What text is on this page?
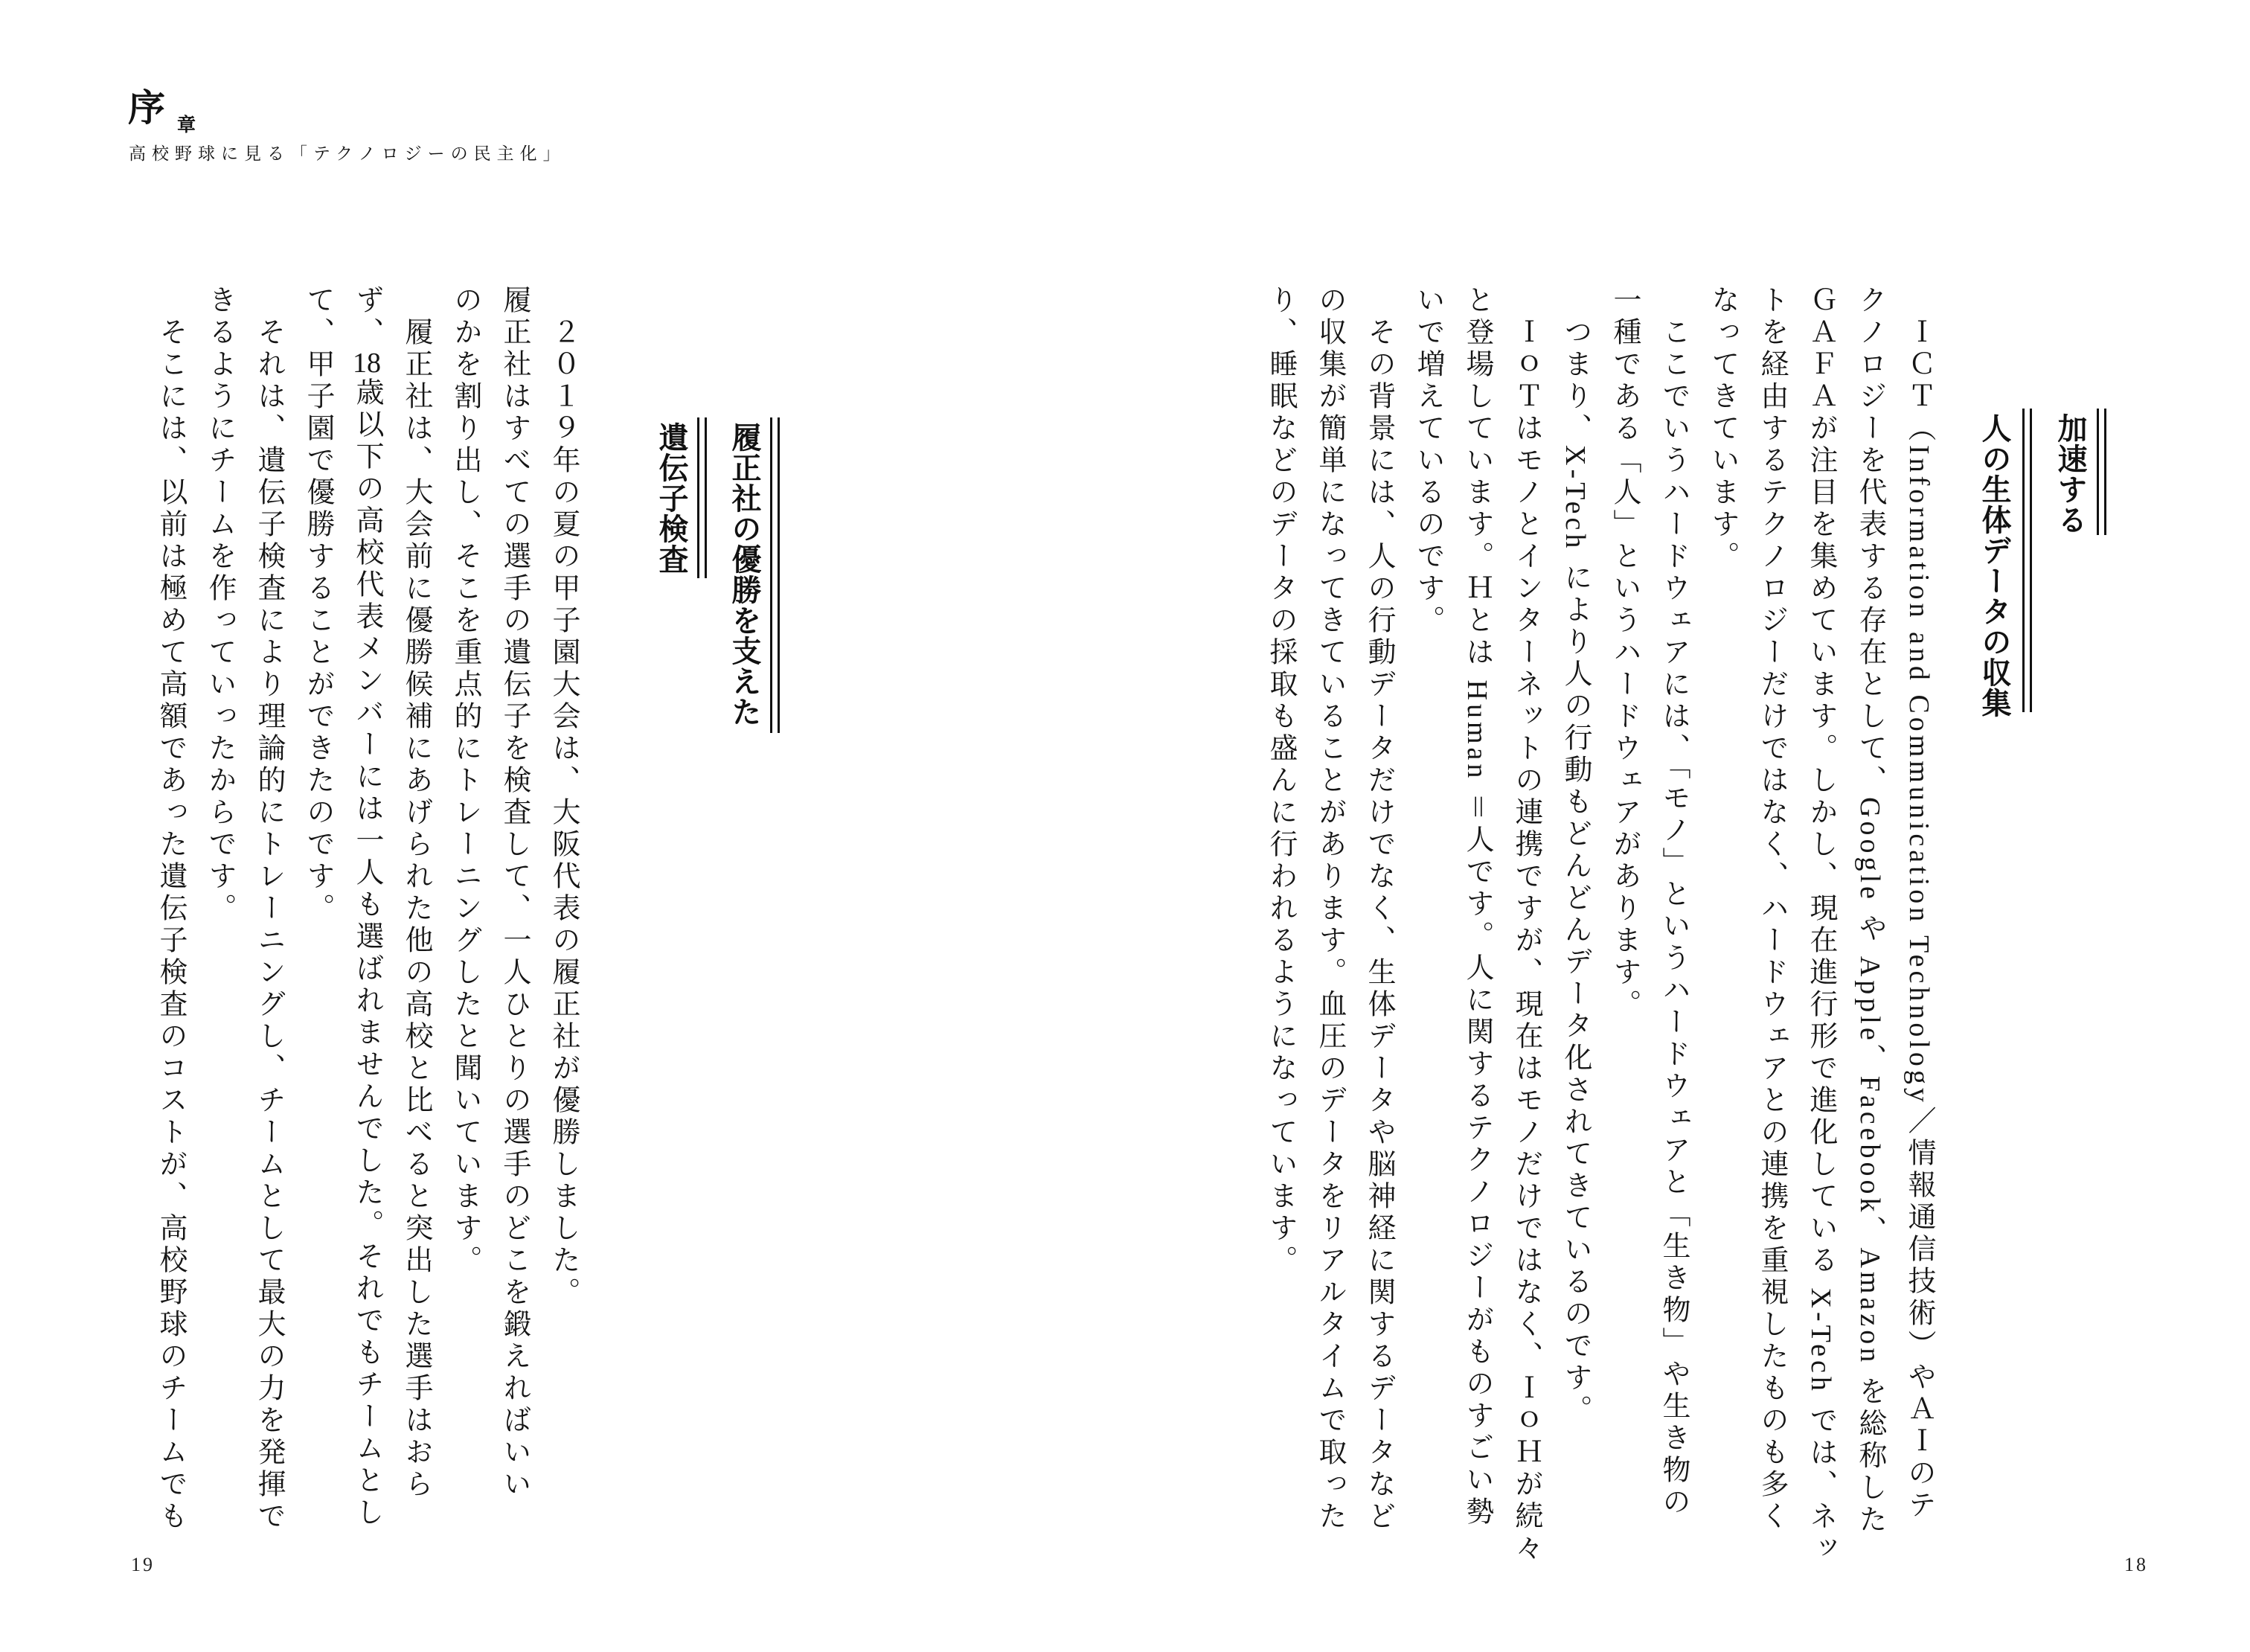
序 章
高校野球に見る「テクノロジーの民主化」
履正社の優勝を支えた
遺伝子検査
　２０１９年の夏の甲子園大会は、大阪代表の履正社が優勝しました。
履正社はすべての選手の遺伝子を検査して、一人ひとりの選手のどこを鍛えればいい
のかを割り出し、そこを重点的にトレーニングしたと聞いています。
　履正社は、大会前に優勝候補にあげられた他の高校と比べると突出した選手はおら
ず、18歳以下の高校代表メンバーには一人も選ばれませんでした。それでもチームとし
て、甲子園で優勝することができたのです。
　それは、遺伝子検査により理論的にトレーニングし、チームとして最大の力を発揮で
きるようにチームを作っていったからです。
　そこには、以前は極めて高額であった遺伝子検査のコストが、高校野球のチームでも
19
加速する
人の生体データの収集
　ＩＣＴ（Information and Communication Technology／情報通信技術）やＡＩのテ
クノロジーを代表する存在として、Google や Apple、Facebook、Amazon を総称した
ＧＡＦＡが注目を集めています。しかし、現在進行形で進化している X-Tech では、ネッ
トを経由するテクノロジーだけではなく、ハードウェアとの連携を重視したものも多く
なってきています。
　ここでいうハードウェアには、「モノ」というハードウェアと「生き物」や生き物の
一種である「人」というハードウェアがあります。
　つまり、X-Tech により人の行動もどんどんデータ化されてきているのです。
　ＩｏＴはモノとインターネットの連携ですが、現在はモノだけではなく、ＩｏＨが続々
と登場しています。Ｈとは Human ＝人です。人に関するテクノロジーがものすごい勢
いで増えているのです。
　その背景には、人の行動データだけでなく、生体データや脳神経に関するデータなど
の収集が簡単になってきていることがあります。血圧のデータをリアルタイムで取った
り、睡眠などのデータの採取も盛んに行われるようになっています。
18
